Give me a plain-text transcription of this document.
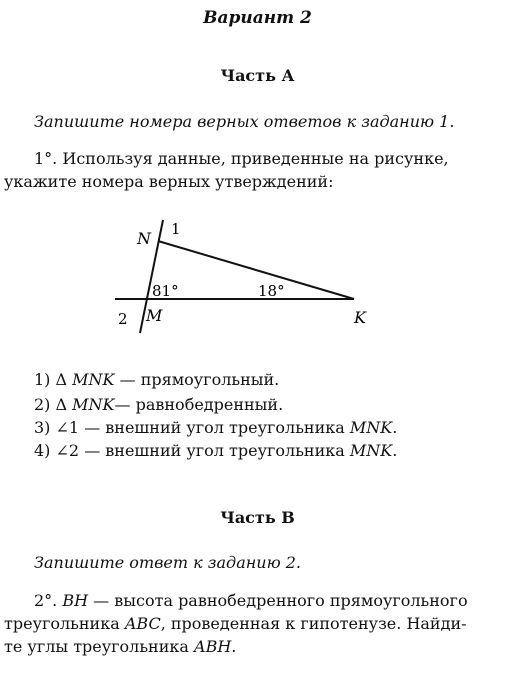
Вариант 2
Часть А
Запишите номера верных ответов к заданию 1.
1°. Используя данные, приведенные на рисунке,
укажите номера верных утверждений:
N 1
81°	18°
2 M	K
1) Δ MNK — прямоугольный.
2) Δ MNK— равнобедренный.
3) ∠1 — внешний угол треугольника MNK.
4) ∠2 — внешний угол треугольника MNK.
Часть В
Запишите ответ к заданию 2.
2°. BH — высота равнобедренного прямоугольного
треугольника ABC, проведенная к гипотенузе. Найди-
те углы треугольника ABH.
